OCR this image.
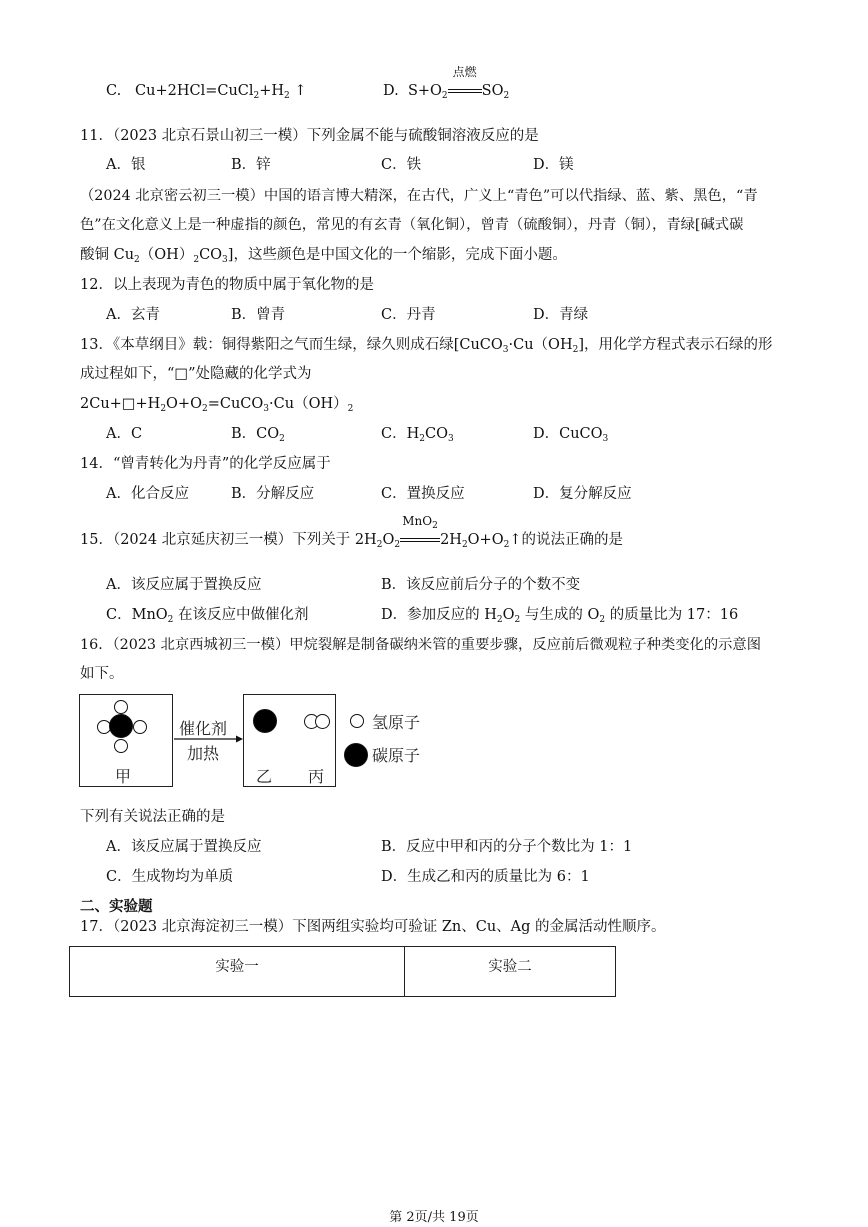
C. $Cu+2HCl=CuCl_2+H_2$ ↑	D. $S+O_2$
点燃
$SO_2$
11．（2023 北京石景山初三一模）下列金属不能与硫酸铜溶液反应的是
A．银	B．锌	C．铁	D．镁
（2024 北京密云初三一模）中国的语言博大精深，在古代，广义上“青色”可以代指绿、蓝、紫、黑色，“青
色”在文化意义上是一种虚指的颜色，常见的有玄青（氧化铜），曾青（硫酸铜），丹青（铜），青绿[碱式碳
酸铜 $Cu_2(OH)_2CO_3$]，这些颜色是中国文化的一个缩影，完成下面小题。
12．以上表现为青色的物质中属于氧化物的是
A．玄青	B．曾青	C．丹青	D．青绿
13．《本草纲目》载：铜得紫阳之气而生绿，绿久则成石绿[$CuCO_3\cdot Cu(OH_2]$，用化学方程式表示石绿的形
成过程如下，“□”处隐藏的化学式为
$2Cu+□+H_2O+O_2=CuCO_3\cdot Cu(OH)_2$
A．C	B．$CO_2$	C．$H_2CO_3$	D．CuCO$_3$
14．“曾青转化为丹青”的化学反应属于
A．化合反应	B．分解反应	C．置换反应	D．复分解反应
15．（2024 北京延庆初三一模）下列关于 $2H_2O_2$
MnO$_2$
$2H_2O+O_2↑$的说法正确的是
A．该反应属于置换反应	B．该反应前后分子的个数不变
C．MnO$_2$ 在该反应中做催化剂	D．参加反应的 $H_2O_2$ 与生成的 $O_2$ 的质量比为 17：16
16．（2023 北京西城初三一模）甲烷裂解是制备碳纳米管的重要步骤，反应前后微观粒子种类变化的示意图
如下。
甲
催化剂
加热
乙 丙
氢原子
碳原子
下列有关说法正确的是
A．该反应属于置换反应	B．反应中甲和丙的分子个数比为 1：1
C．生成物均为单质	D．生成乙和丙的质量比为 6：1
二、实验题
17．（2023 北京海淀初三一模）下图两组实验均可验证 Zn、Cu、Ag 的金属活动性顺序。
实验一	实验二
第 2页/共 19页
